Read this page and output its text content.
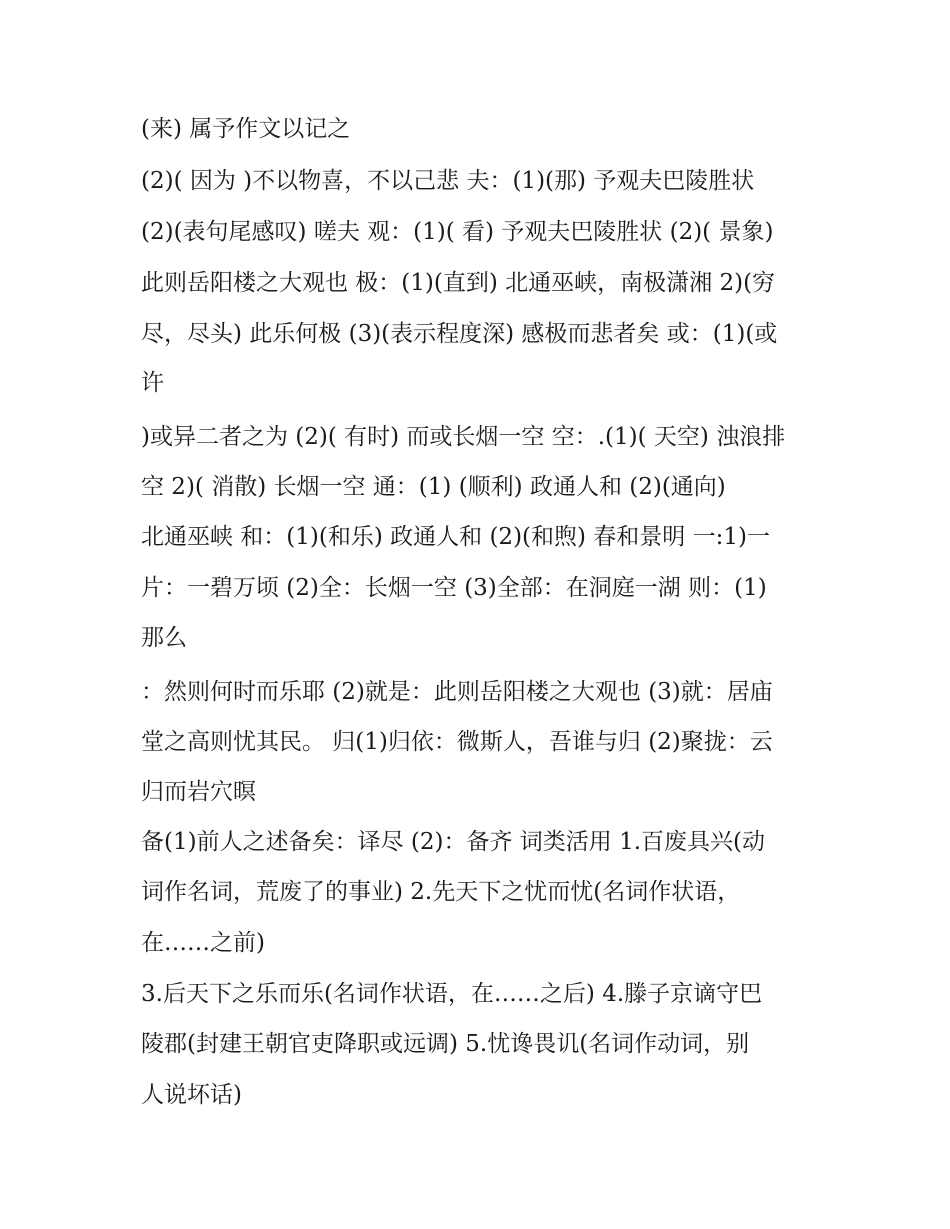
(来) 属予作文以记之
(2)( 因为 )不以物喜，不以己悲 夫：(1)(那) 予观夫巴陵胜状
(2)(表句尾感叹) 嗟夫 观：(1)( 看) 予观夫巴陵胜状 (2)( 景象)
此则岳阳楼之大观也 极：(1)(直到) 北通巫峡，南极潇湘 2)(穷
尽，尽头) 此乐何极 (3)(表示程度深) 感极而悲者矣 或：(1)(或
许
)或异二者之为 (2)( 有时) 而或长烟一空 空：.(1)( 天空) 浊浪排
空 2)( 消散) 长烟一空 通：(1) (顺利) 政通人和 (2)(通向)
北通巫峡 和：(1)(和乐) 政通人和 (2)(和煦) 春和景明 一:1)一
片：一碧万顷 (2)全：长烟一空 (3)全部：在洞庭一湖 则：(1)
那么
：然则何时而乐耶 (2)就是：此则岳阳楼之大观也 (3)就：居庙
堂之高则忧其民。 归(1)归依：微斯人，吾谁与归 (2)聚拢：云
归而岩穴暝
备(1)前人之述备矣：译尽 (2)：备齐 词类活用 1.百废具兴(动
词作名词，荒废了的事业) 2.先天下之忧而忧(名词作状语，
在……之前)
3.后天下之乐而乐(名词作状语，在……之后) 4.滕子京谪守巴
陵郡(封建王朝官吏降职或远调) 5.忧谗畏讥(名词作动词，别
人说坏话)
